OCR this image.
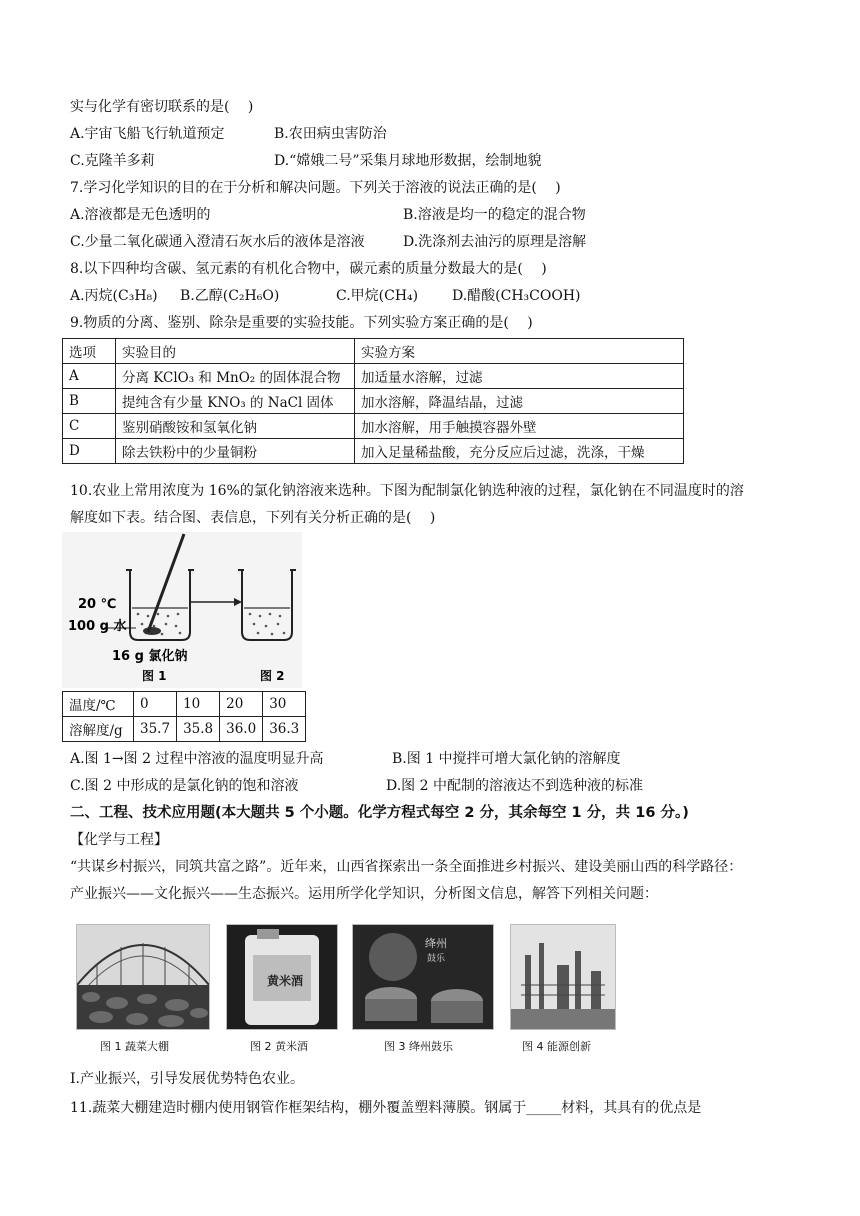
实与化学有密切联系的是(　 )
A.宇宙飞船飞行轨道预定	B.农田病虫害防治
C.克隆羊多莉	D.“嫦娥二号”采集月球地形数据，绘制地貌
7.学习化学知识的目的在于分析和解决问题。下列关于溶液的说法正确的是(　 )
A.溶液都是无色透明的	B.溶液是均一的稳定的混合物
C.少量二氧化碳通入澄清石灰水后的液体是溶液	D.洗涤剂去油污的原理是溶解
8.以下四种均含碳、氢元素的有机化合物中，碳元素的质量分数最大的是(　 )
A.丙烷(C₃H₈) B.乙醇(C₂H₆O)	C.甲烷(CH₄) D.醋酸(CH₃COOH)
9.物质的分离、鉴别、除杂是重要的实验技能。下列实验方案正确的是(　 )
选项	实验目的	实验方案
A	分离 KClO₃ 和 MnO₂ 的固体混合物	加适量水溶解，过滤
B	提纯含有少量 KNO₃ 的 NaCl 固体	加水溶解，降温结晶，过滤
C	鉴别硝酸铵和氢氧化钠	加水溶解，用手触摸容器外壁
D	除去铁粉中的少量铜粉	加入足量稀盐酸，充分反应后过滤，洗涤，干燥
10.农业上常用浓度为 16%的氯化钠溶液来选种。下图为配制氯化钠选种液的过程，氯化钠在不同温度时的溶
解度如下表。结合图、表信息，下列有关分析正确的是(　 )
20 ℃
100 g 水
16 g 氯化钠
图 1	图 2
温度/℃	0	10	20	30
溶解度/g	35.7	35.8	36.0	36.3
A.图 1→图 2 过程中溶液的温度明显升高	B.图 1 中搅拌可增大氯化钠的溶解度
C.图 2 中形成的是氯化钠的饱和溶液	D.图 2 中配制的溶液达不到选种液的标准
二、工程、技术应用题(本大题共 5 个小题。化学方程式每空 2 分，其余每空 1 分，共 16 分。)
【化学与工程】
“共谋乡村振兴，同筑共富之路”。近年来，山西省探索出一条全面推进乡村振兴、建设美丽山西的科学路径：
产业振兴——文化振兴——生态振兴。运用所学化学知识，分析图文信息，解答下列相关问题：
图 1 蔬菜大棚
黄米酒
图 2 黄米酒
绛州 鼓乐
图 3 绛州鼓乐	图 4 能源创新
Ⅰ.产业振兴，引导发展优势特色农业。
11.蔬菜大棚建造时棚内使用钢管作框架结构，棚外覆盖塑料薄膜。钢属于_____材料，其具有的优点是
